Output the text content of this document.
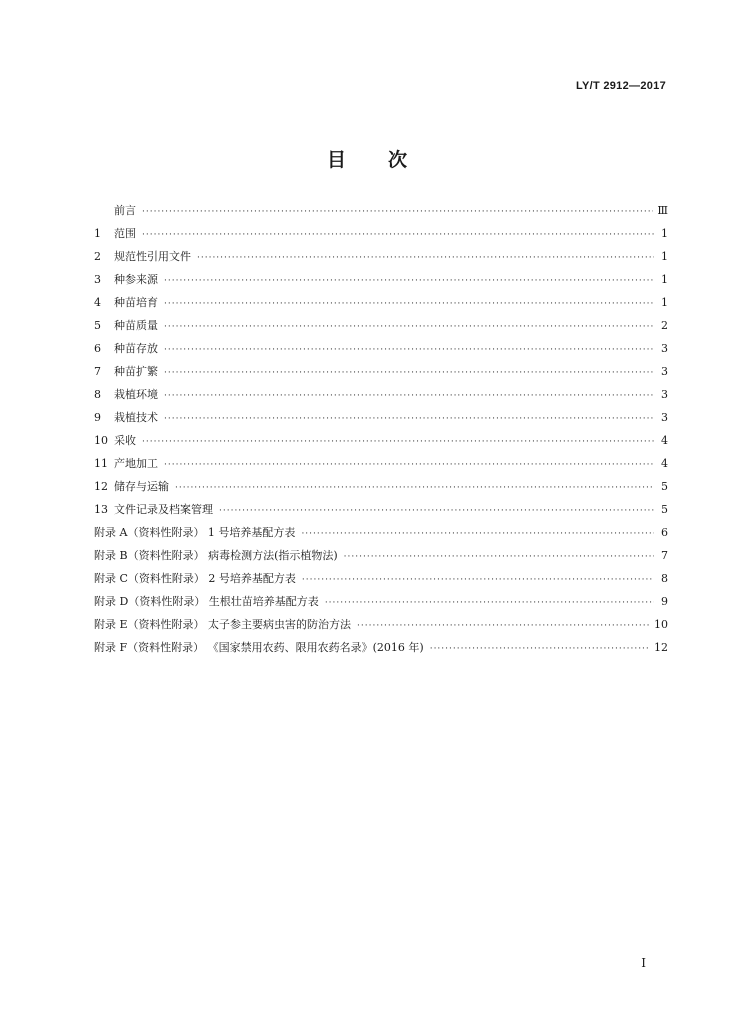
LY/T 2912—2017
目 次
前言 ·····	Ⅲ
1	范围 ·····	1
2	规范性引用文件 ·····	1
3	种参来源 ·····	1
4	种苗培育 ·····	1
5	种苗质量 ·····	2
6	种苗存放 ·····	3
7	种苗扩繁 ·····	3
8	栽植环境 ·····	3
9	栽植技术 ·····	3
10 采收 ·····	4
11 产地加工 ·····	4
12 储存与运输 ·····	5
13 文件记录及档案管理 ·····	5
附录 A（资料性附录） 1 号培养基配方表 ·····	6
附录 B（资料性附录） 病毒检测方法(指示植物法) ·····	7
附录 C（资料性附录） 2 号培养基配方表 ·····	8
附录 D（资料性附录） 生根壮苗培养基配方表 ·····	9
附录 E（资料性附录） 太子参主要病虫害的防治方法 ·····	10
附录 F（资料性附录） 《国家禁用农药、限用农药名录》(2016 年) ·····	12
I
